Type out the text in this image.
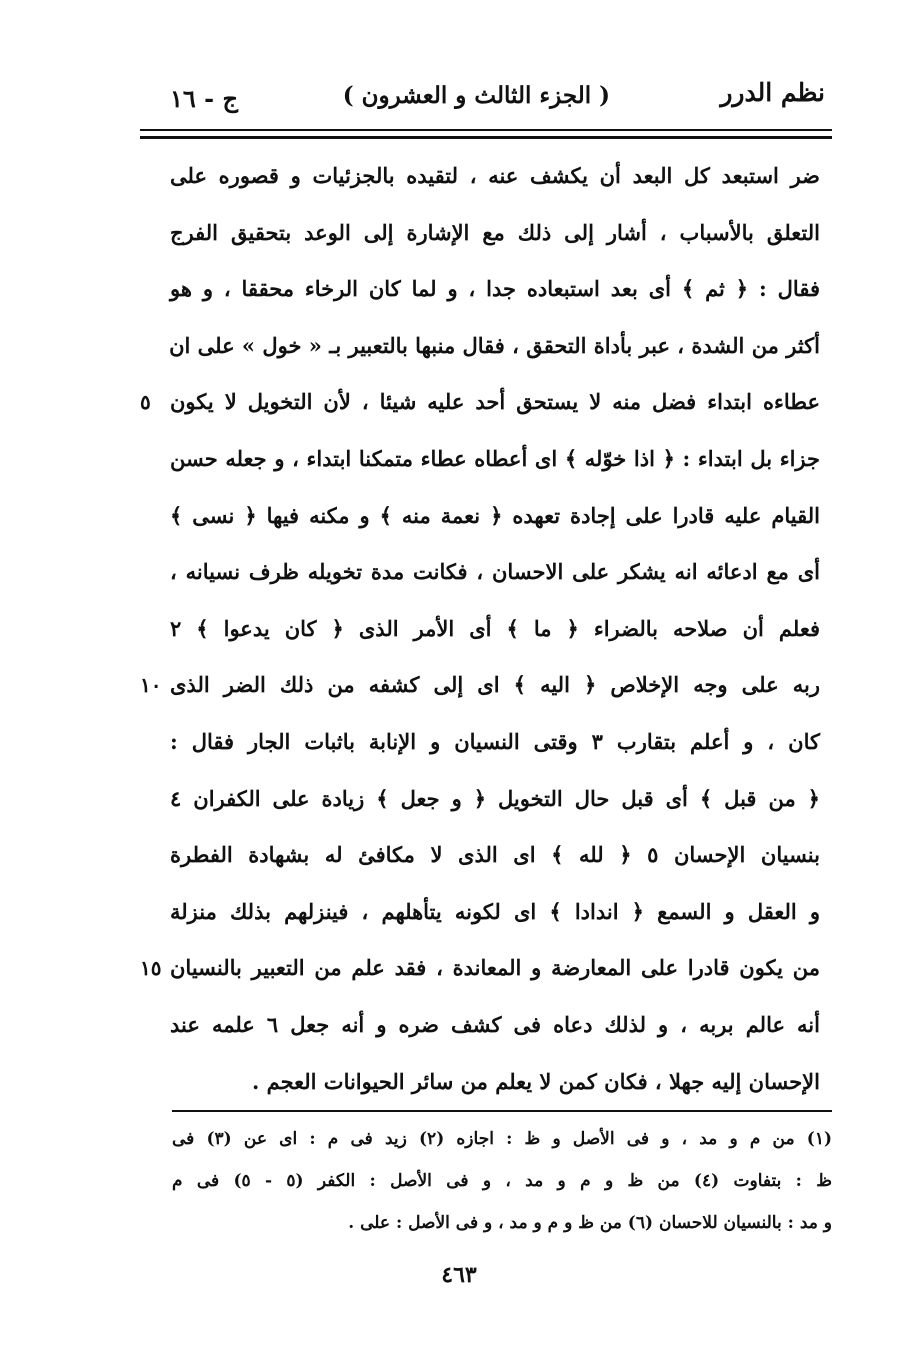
نظم الدرر
( الجزء الثالث و العشرون )
ج - ١٦
ضر استبعد كل البعد أن يكشف عنه ، لتقيده بالجزئيات و قصوره على
التعلق بالأسباب ، أشار إلى ذلك مع الإشارة إلى الوعد بتحقيق الفرج
فقال : ﴿ ثم ﴾ أى بعد استبعاده جدا ، و لما كان الرخاء محققا ، و هو
أكثر من الشدة ، عبر بأداة التحقق ، فقال منبها بالتعبير بـ « خول » على ان
عطاءه ابتداء فضل منه لا يستحق أحد عليه شيئا ، لأن التخويل لا يكون
٥
جزاء بل ابتداء : ﴿ اذا خوّله ﴾ اى أعطاه عطاء متمكنا ابتداء ، و جعله حسن
القيام عليه قادرا على إجادة تعهده ﴿ نعمة منه ﴾ و مكنه فيها ﴿ نسى ﴾
أى مع ادعائه انه يشكر على الاحسان ، فكانت مدة تخويله ظرف نسيانه ،
فعلم أن صلاحه بالضراء ﴿ ما ﴾ أى الأمر الذى ﴿ كان يدعوا ﴾ ٢
ربه على وجه الإخلاص ﴿ اليه ﴾ اى إلى كشفه من ذلك الضر الذى
١٠
كان ، و أعلم بتقارب ٣ وقتى النسيان و الإنابة باثبات الجار فقال :
﴿ من قبل ﴾ أى قبل حال التخويل ﴿ و جعل ﴾ زيادة على الكفران ٤
بنسيان الإحسان ٥ ﴿ لله ﴾ اى الذى لا مكافئ له بشهادة الفطرة
و العقل و السمع ﴿ اندادا ﴾ اى لكونه يتأهلهم ، فينزلهم بذلك منزلة
من يكون قادرا على المعارضة و المعاندة ، فقد علم من التعبير بالنسيان
١٥
أنه عالم بربه ، و لذلك دعاه فى كشف ضره و أنه جعل ٦ علمه عند
الإحسان إليه جهلا ، فكان كمن لا يعلم من سائر الحيوانات العجم .
(١) من م و مد ، و فى الأصل و ظ : اجازه (٢) زيد فى م : اى عن (٣) فى
ظ : بتفاوت (٤) من ظ و م و مد ، و فى الأصل : الكفر (٥ - ٥) فى م
و مد : بالنسيان للاحسان (٦) من ظ و م و مد ، و فى الأصل : على .
٤٦٣
